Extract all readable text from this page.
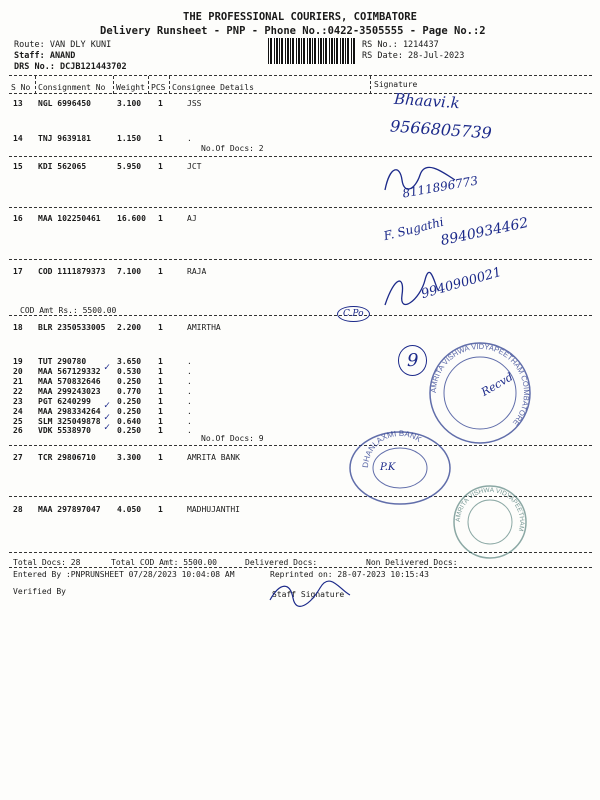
THE PROFESSIONAL COURIERS, COIMBATORE
Delivery Runsheet - PNP - Phone No.:0422-3505555 - Page No.:2
Route: VAN DLY KUNI
Staff: ANAND
DRS No.: DCJB121443702
RS No.: 1214437
RS Date: 28-Jul-2023
S No Consignment No Weight PCS Consignee Details	Signature
13 NGL 6996450	3.100 1	JSS
14 TNJ 9639181	1.150 1	.
No.Of Docs: 2
15 KDI 562065	5.950 1	JCT
16 MAA 102250461 16.600 1	AJ
17 COD 1111879373 7.100 1	RAJA
COD Amt Rs.: 5500.00
18 BLR 2350533005 2.200 1	AMIRTHA
19 TUT 290780	3.650 1	.
20 MAA 567129332 0.530 1	.
21 MAA 570832646 0.250 1	.
22 MAA 299243023 0.770 1	.
23 PGT 6240299	0.250 1	.
24 MAA 298334264 0.250 1	.
25 SLM 325049878 0.640 1	.
26 VDK 5538970	0.250 1	.
No.Of Docs: 9
27 TCR 29806710	3.300 1	AMRITA BANK
28 MAA 297897047 4.050 1	MADHUJANTHI
Total Docs: 28	Total COD Amt: 5500.00	Delivered Docs:	Non Delivered Docs:
Entered By :PNPRUNSHEET 07/28/2023 10:04:08 AM	Reprinted on: 28-07-2023 10:15:43
Verified By	Staff Signature
Bhaavi.k
9566805739
8111896773
F. Sugathi
8940934462
9940900021
C.Po
9
P.K
Recvd
✓
✓
✓
✓
AMRITA VISHWA VIDYAPEETHAM COIMBATORE
DHANLAXMI BANK
AMRITA VISHWA VIDYAPEETHAM
